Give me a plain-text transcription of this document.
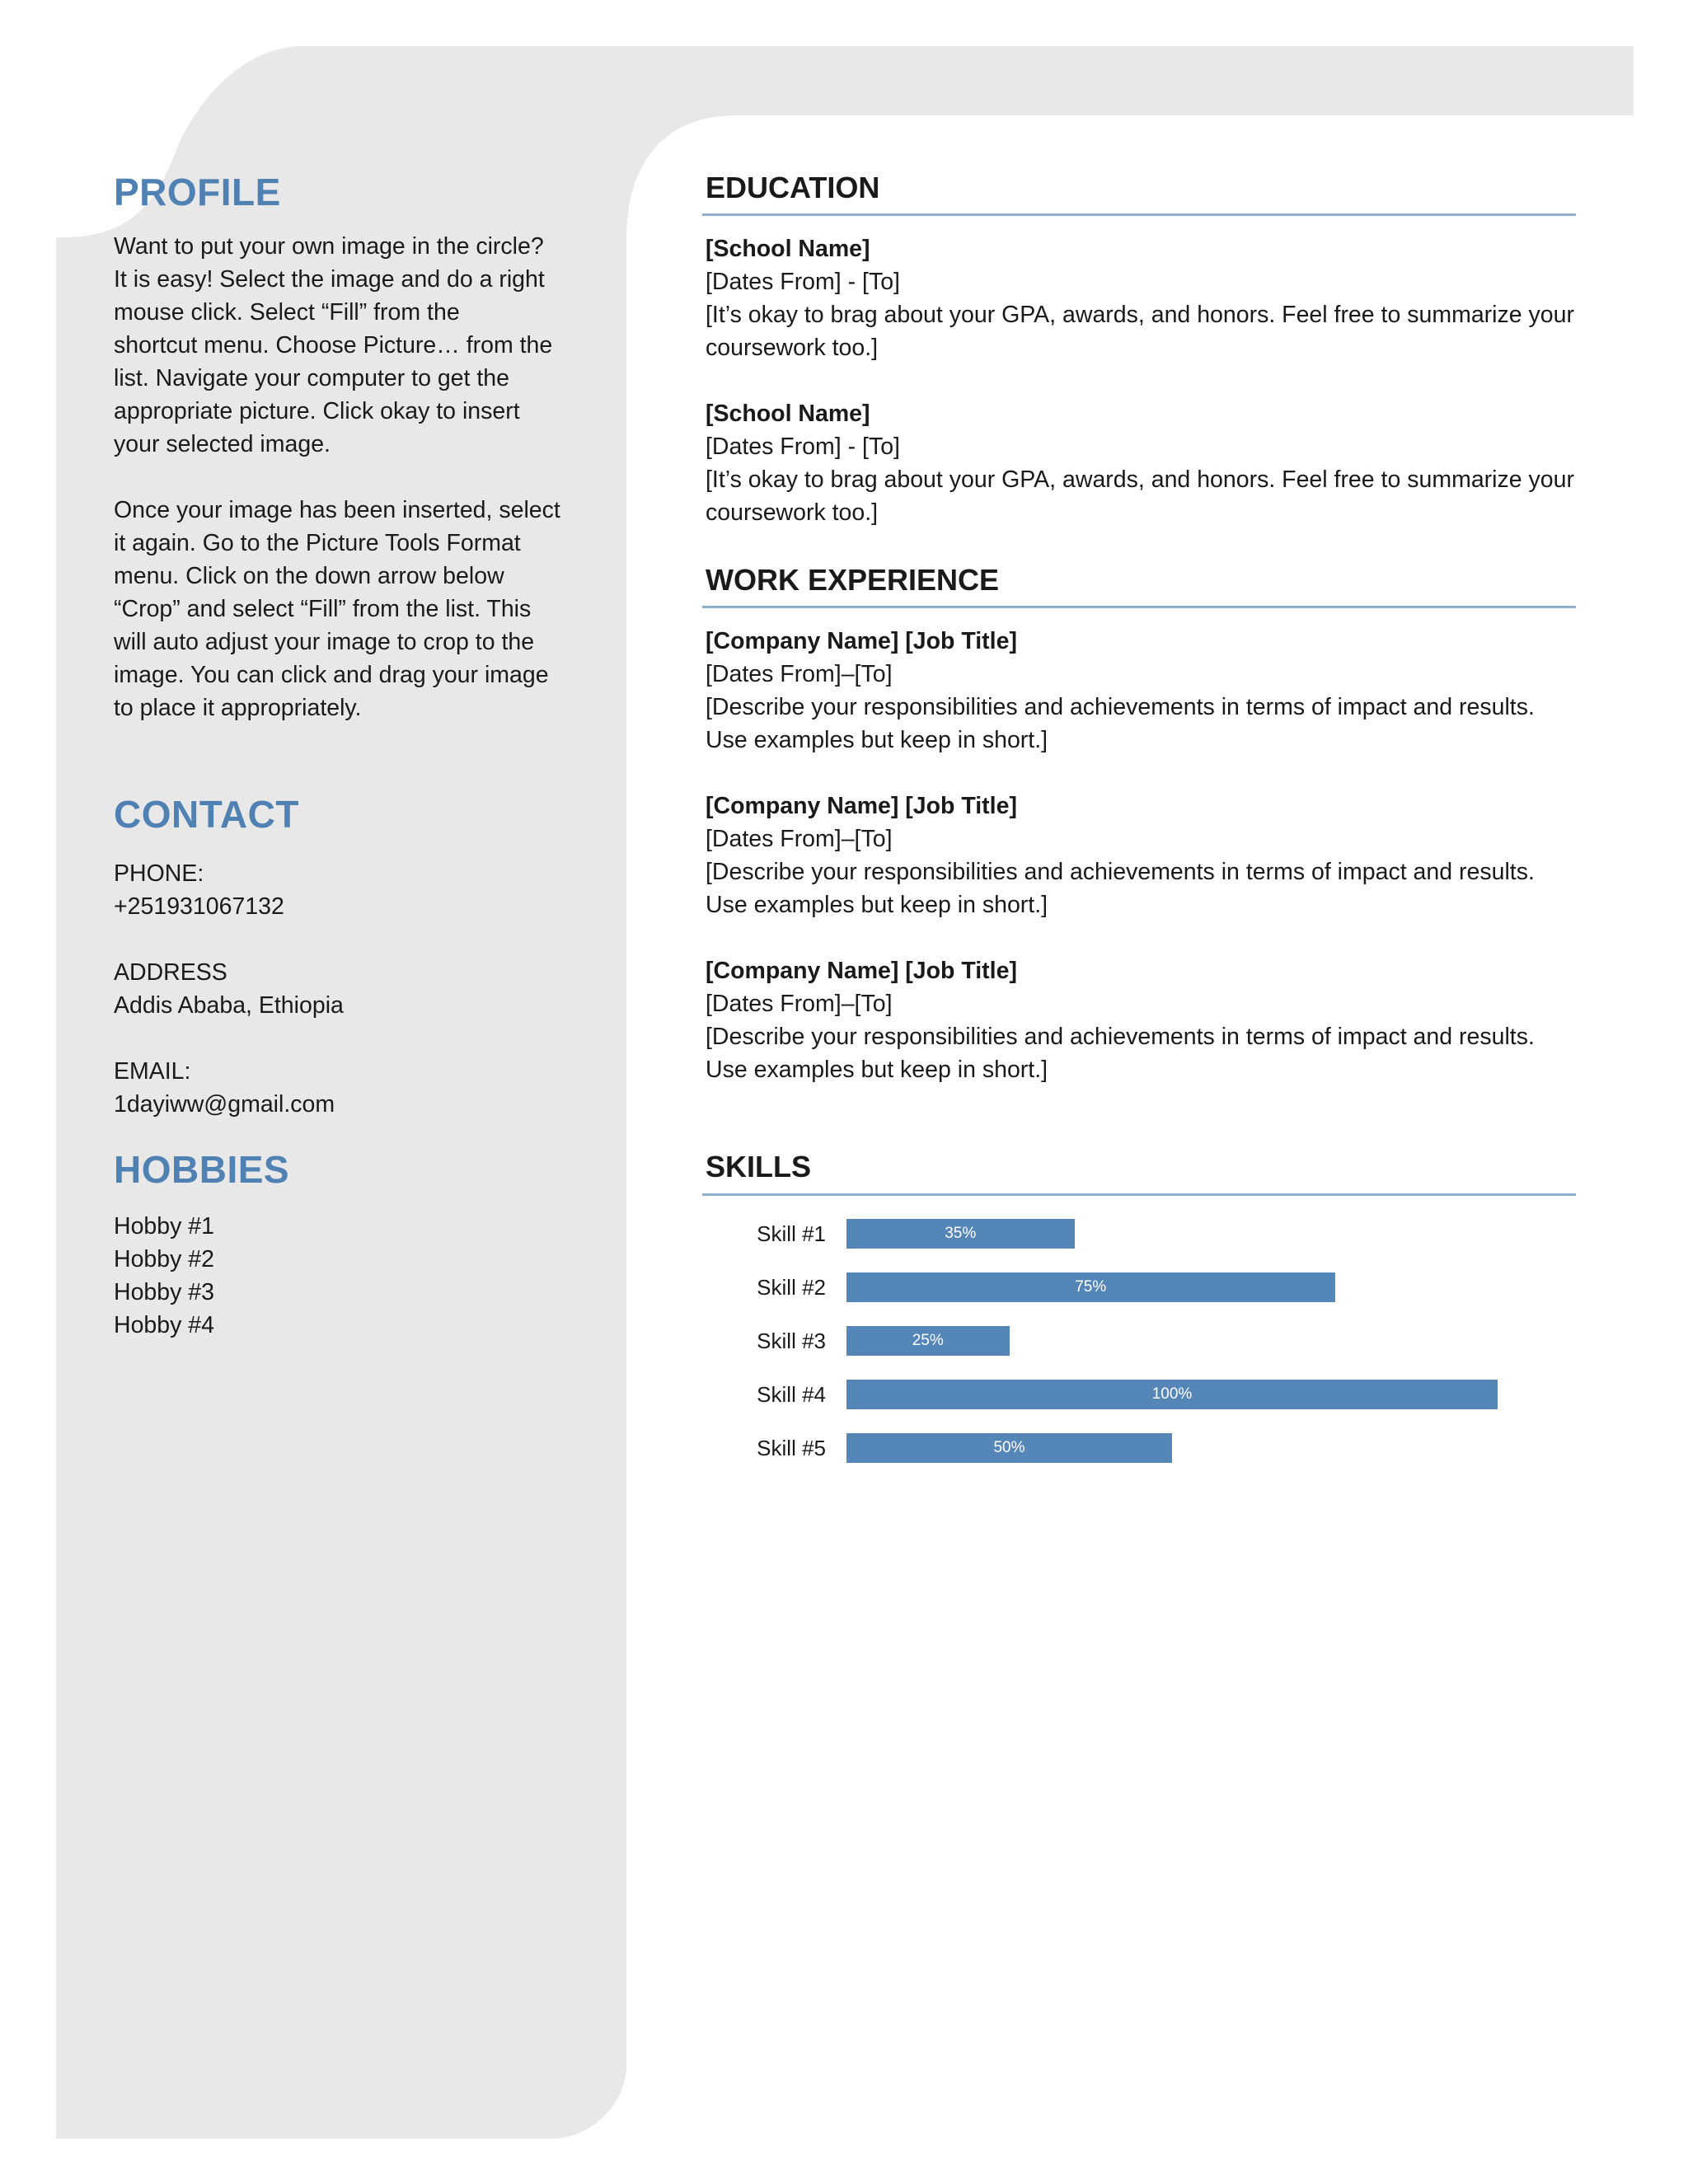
PROFILE

Want to put your own image in the circle?
It is easy! Select the image and do a right
mouse click. Select “Fill” from the
shortcut menu. Choose Picture… from the
list. Navigate your computer to get the
appropriate picture. Click okay to insert
your selected image.

Once your image has been inserted, select
it again. Go to the Picture Tools Format
menu. Click on the down arrow below
“Crop” and select “Fill” from the list. This
will auto adjust your image to crop to the
image. You can click and drag your image
to place it appropriately.

CONTACT

PHONE:

+251931067132

ADDRESS

Addis Ababa, Ethiopia

EMAIL:

1dayiww@gmail.com

HOBBIES

Hobby #1

Hobby #2

Hobby #3

Hobby #4

EDUCATION
[School Name]
[Dates From] - [To]
[It’s okay to brag about your GPA, awards, and honors. Feel free to summarize your coursework too.]
[School Name]
[Dates From] - [To]
[It’s okay to brag about your GPA, awards, and honors. Feel free to summarize your coursework too.]
WORK EXPERIENCE
[Company Name] [Job Title]
[Dates From]–[To]
[Describe your responsibilities and achievements in terms of impact and results. Use examples but keep in short.]
[Company Name] [Job Title]
[Dates From]–[To]
[Describe your responsibilities and achievements in terms of impact and results. Use examples but keep in short.]
[Company Name] [Job Title]
[Dates From]–[To]
[Describe your responsibilities and achievements in terms of impact and results. Use examples but keep in short.]
SKILLS
Skill #1	35%
Skill #2	75%
Skill #3	25%
Skill #4	100%
Skill #5	50%
